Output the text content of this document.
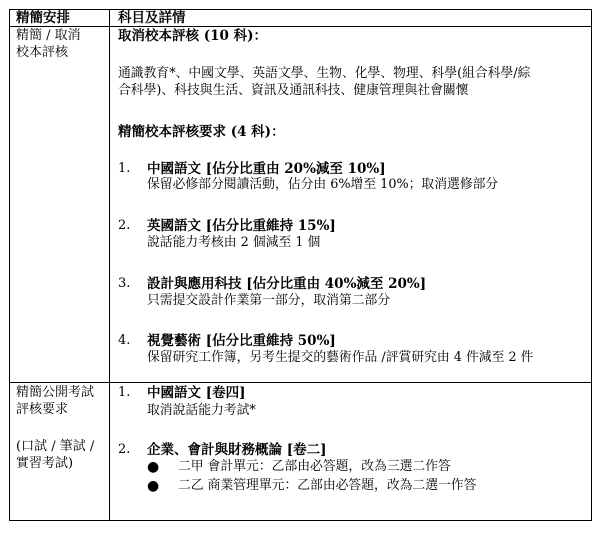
精簡安排	科目及詳情
精簡 / 取消
校本評核
取消校本評核 (10 科)：
通識教育*、中國文學、英語文學、生物、化學、物理、科學(組合科學/綜
合科學)、科技與生活、資訊及通訊科技、健康管理與社會關懷
精簡校本評核要求 (4 科)：
1. 中國語文 [佔分比重由 20%減至 10%]
保留必修部分閱讀活動，佔分由 6%增至 10%；取消選修部分
2. 英國語文 [佔分比重維持 15%]
說話能力考核由 2 個減至 1 個
3. 設計與應用科技 [佔分比重由 40%減至 20%]
只需提交設計作業第一部分，取消第二部分
4. 視覺藝術 [佔分比重維持 50%]
保留研究工作簿，另考生提交的藝術作品 /評賞研究由 4 件減至 2 件
精簡公開考試
評核要求
(口試 / 筆試 /
實習考試)
1. 中國語文 [卷四]
取消說話能力考試*
2. 企業、會計與財務概論 [卷二]
● 二甲 會計單元：乙部由必答題，改為三選二作答
● 二乙 商業管理單元：乙部由必答題，改為二選一作答
